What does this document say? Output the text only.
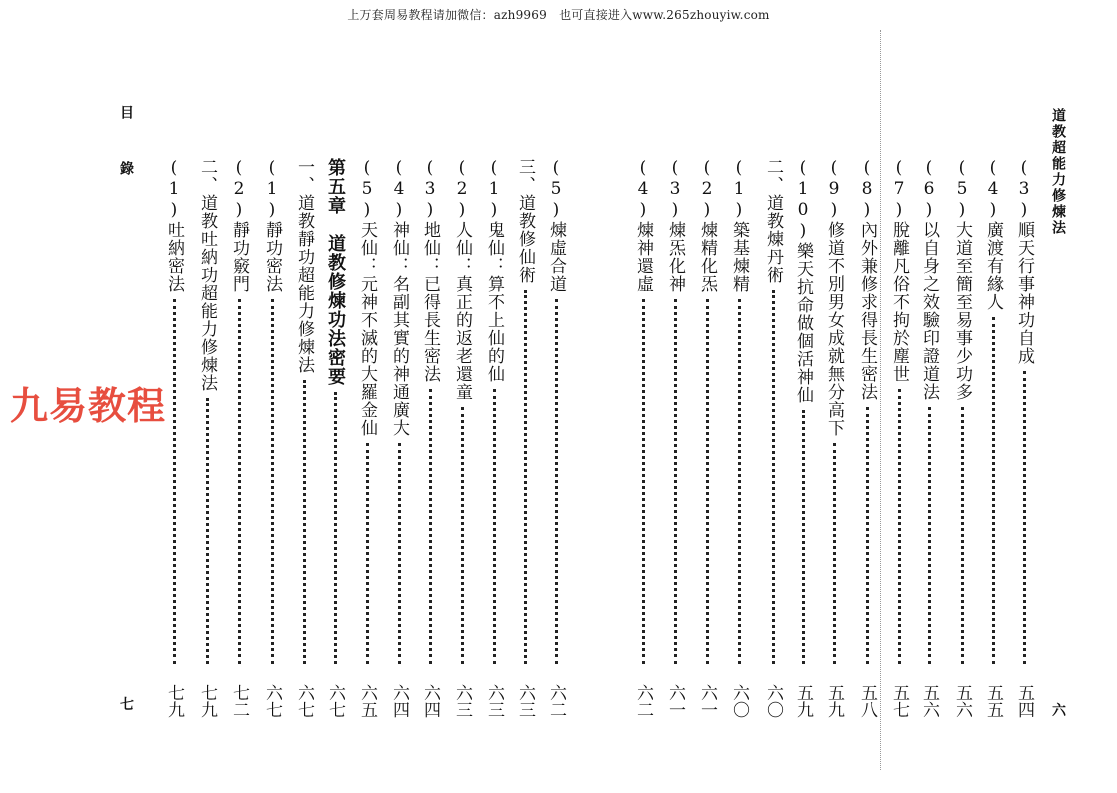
上万套周易教程请加微信：azh9969　也可直接进入www.265zhouyiw.com
道教超能力修煉法
六
目　錄
七
(3)順天行事神功自成
五四
(4)廣渡有緣人
五五
(5)大道至簡至易事少功多
五六
(6)以自身之效驗印證道法
五六
(7)脫離凡俗不拘於塵世
五七
(8)內外兼修求得長生密法
五八
(9)修道不別男女成就無分高下
五九
(10)樂天抗命做個活神仙
五九
二、道教煉丹術
六〇
(1)築基煉精
六〇
(2)煉精化炁
六一
(3)煉炁化神
六一
(4)煉神還虛
六二
(5)煉虛合道
六二
三、道教修仙術
六三
(1)鬼仙：算不上仙的仙
六三
(2)人仙：真正的返老還童
六三
(3)地仙：已得長生密法
六四
(4)神仙：名副其實的神通廣大
六四
(5)天仙：元神不滅的大羅金仙
六五
第五章　道教修煉功法密要
六七
一、道教靜功超能力修煉法
六七
(1)靜功密法
六七
(2)靜功竅門
七二
二、道教吐納功超能力修煉法
七九
(1)吐納密法
七九
九易教程
